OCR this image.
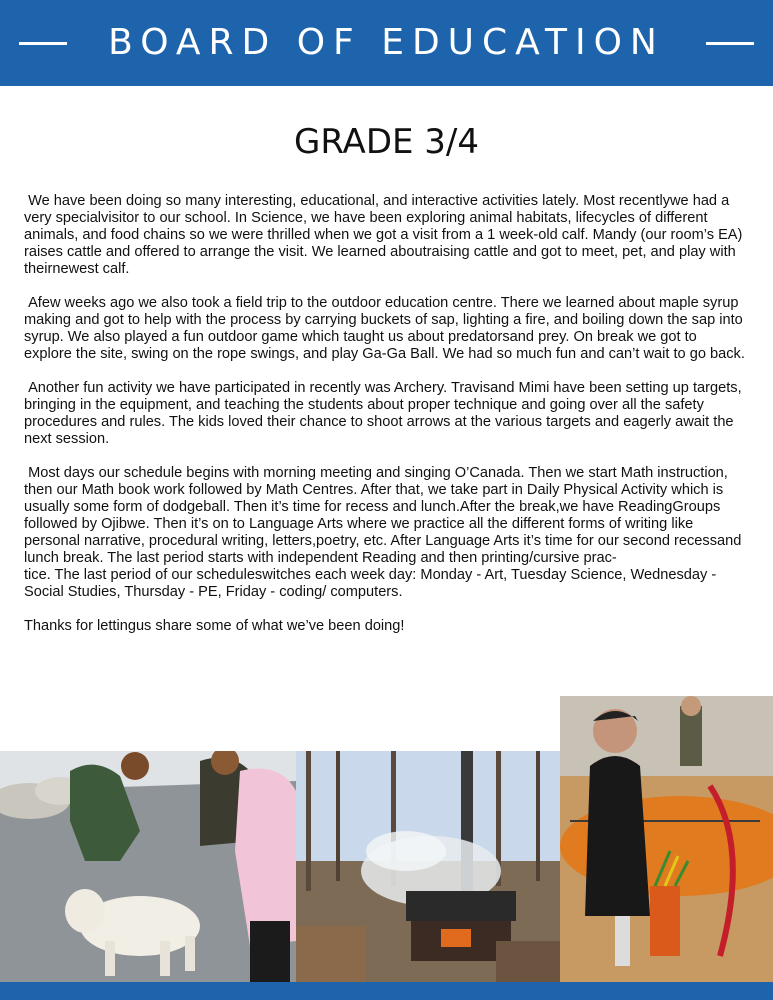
BOARD OF EDUCATION
GRADE 3/4

We have been doing so many interesting, educational, and interactive activities lately. Most recentlywe had a very specialvisitor to our school. In Science, we have been exploring animal habitats, lifecycles of different animals, and food chains so we were thrilled when we got a visit from a 1 week-old calf. Mandy (our room’s EA) raises cattle and offered to arrange the visit. We learned aboutraising cattle and got to meet, pet, and play with theirnewest calf.

Afew weeks ago we also took a field trip to the outdoor education centre. There we learned about maple syrup making and got to help with the process by carrying buckets of sap, lighting a fire, and boiling down the sap into syrup. We also played a fun outdoor game which taught us about predatorsand prey. On break we got to explore the site, swing on the rope swings, and play Ga-Ga Ball. We had so much fun and can’t wait to go back.

Another fun activity we have participated in recently was Archery. Travisand Mimi have been setting up targets, bringing in the equipment, and teaching the students about proper technique and going over all the safety procedures and rules. The kids loved their chance to shoot arrows at the various targets and eagerly await the next session.

Most days our schedule begins with morning meeting and singing O’Canada. Then we start Math instruction, then our Math book work followed by Math Centres. After that, we take part in Daily Physical Activity which is usually some form of dodgeball. Then it’s time for recess and lunch.After the break,we have ReadingGroups followed by Ojibwe. Then it’s on to Language Arts where we practice all the different forms of writing like personal narrative, procedural writing, letters,poetry, etc. After Language Arts it’s time for our second recessand lunch break. The last period starts with independent Reading and then printing/cursive prac-
tice. The last period of our scheduleswitches each week day: Monday - Art, Tuesday Science, Wednesday - Social Studies, Thursday - PE, Friday - coding/ computers.

Thanks for lettingus share some of what we’ve been doing!
